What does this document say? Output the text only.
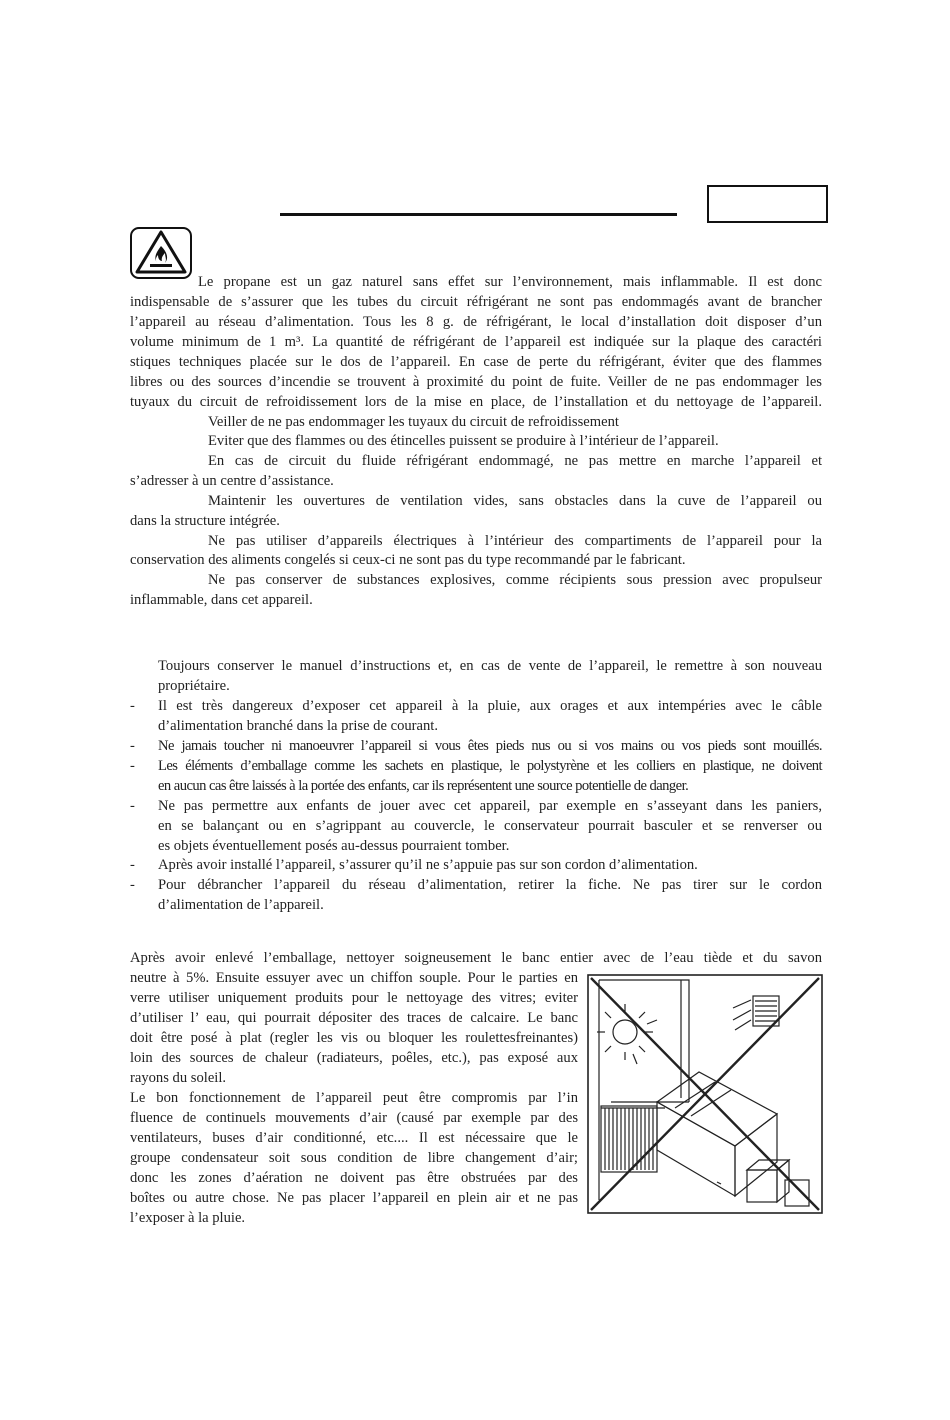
Le propane est un gaz naturel sans effet sur l’environnement, mais inflammable. Il est donc
indispensable de s’assurer que les tubes du circuit réfrigérant ne sont pas endommagés avant de brancher
l’appareil au réseau d’alimentation. Tous les 8 g. de réfrigérant, le local d’installation doit disposer d’un
volume minimum de 1 m³. La quantité de réfrigérant de l’appareil est indiquée sur la plaque des caractéri
stiques techniques placée sur le dos de l’appareil. En case de perte du réfrigérant, éviter que des flammes
libres ou des sources d’incendie se trouvent à proximité du point de fuite. Veiller de ne pas endommager les
tuyaux du circuit de refroidissement lors de la mise en place, de l’installation et du nettoyage de l’appareil.
Veiller de ne pas endommager les tuyaux du circuit de refroidissement
Eviter que des flammes ou des étincelles puissent se produire à l’intérieur de l’appareil.
En cas de circuit du fluide réfrigérant endommagé, ne pas mettre en marche l’appareil et
s’adresser à un centre d’assistance.
Maintenir les ouvertures de ventilation vides, sans obstacles dans la cuve de l’appareil ou
dans la structure intégrée.
Ne pas utiliser d’appareils électriques à l’intérieur des compartiments de l’appareil pour la
conservation des aliments congelés si ceux-ci ne sont pas du type recommandé par le fabricant.
Ne pas conserver de substances explosives, comme récipients sous pression avec propulseur
inflammable, dans cet appareil.
Toujours conserver le manuel d’instructions et, en cas de vente de l’appareil, le remettre à son nouveau
propriétaire.
- Il est très dangereux d’exposer cet appareil à la pluie, aux orages et aux intempéries avec le câble
d’alimentation branché dans la prise de courant.
- Ne jamais toucher ni manoeuvrer l’appareil si vous êtes pieds nus ou si vos mains ou vos pieds sont mouillés.
- Les éléments d’emballage comme les sachets en plastique, le polystyrène et les colliers en plastique, ne doivent
en aucun cas être laissés à la portée des enfants, car ils représentent une source potentielle de danger.
- Ne pas permettre aux enfants de jouer avec cet appareil, par exemple en s’asseyant dans les paniers,
en se balançant ou en s’agrippant au couvercle, le conservateur pourrait basculer et se renverser ou
es objets éventuellement posés au-dessus pourraient tomber.
- Après avoir installé l’appareil, s’assurer qu’il ne s’appuie pas sur son cordon d’alimentation.
- Pour débrancher l’appareil du réseau d’alimentation, retirer la fiche. Ne pas tirer sur le cordon
d’alimentation de l’appareil.
Après avoir enlevé l’emballage, nettoyer soigneusement le banc entier avec de l’eau tiède et du savon
neutre à 5%. Ensuite essuyer avec un chiffon souple. Pour le parties en
verre utiliser uniquement produits pour le nettoyage des vitres; eviter
d’utiliser l’ eau, qui pourrait dépositer des traces de calcaire. Le banc
doit être posé à plat (regler les vis ou bloquer les roulettesfreinantes)
loin des sources de chaleur (radiateurs, poêles, etc.), pas exposé aux
rayons du soleil.
Le bon fonctionnement de l’appareil peut être compromis par l’in
fluence de continuels mouvements d’air (causé par exemple par des
ventilateurs, buses d’air conditionné, etc.... Il est nécessaire que le
groupe condensateur soit sous condition de libre changement d’air;
donc les zones d’aération ne doivent pas être obstruées par des
boîtes ou autre chose. Ne pas placer l’appareil en plein air et ne pas
l’exposer à la pluie.
